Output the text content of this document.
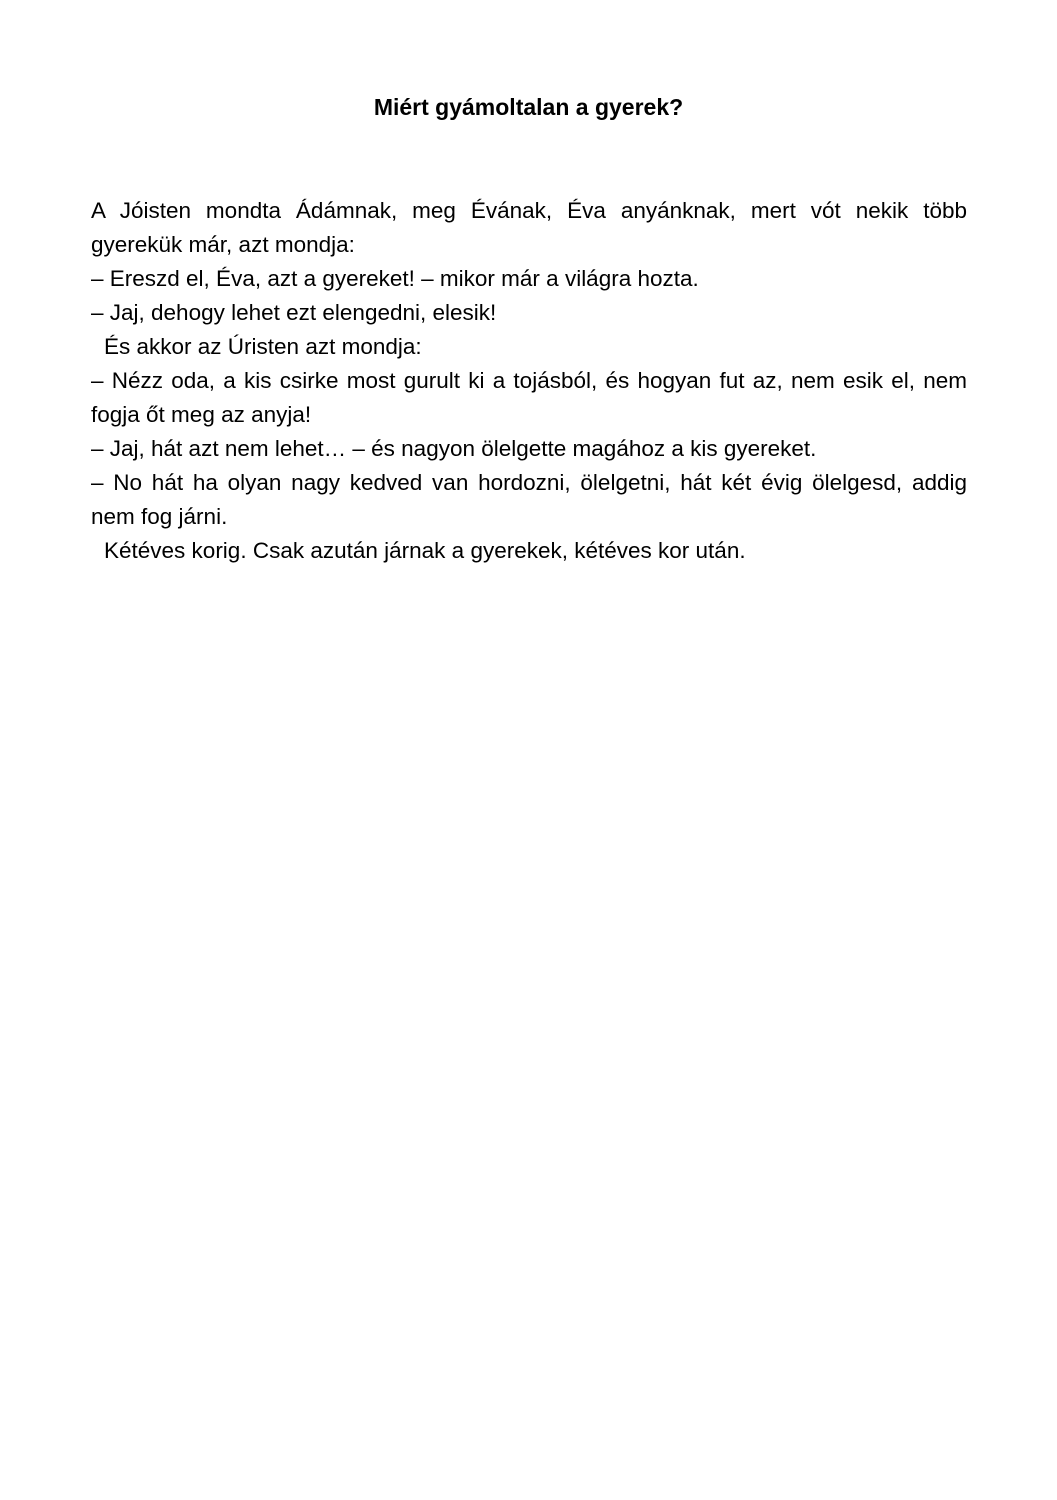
Miért gyámoltalan a gyerek?

A Jóisten mondta Ádámnak, meg Évának, Éva anyánknak, mert vót nekik több gyerekük már, azt mondja:

– Ereszd el, Éva, azt a gyereket! – mikor már a világra hozta.

– Jaj, dehogy lehet ezt elengedni, elesik!

És akkor az Úristen azt mondja:

– Nézz oda, a kis csirke most gurult ki a tojásból, és hogyan fut az, nem esik el, nem fogja őt meg az anyja!

– Jaj, hát azt nem lehet… – és nagyon ölelgette magához a kis gyereket.

– No hát ha olyan nagy kedved van hordozni, ölelgetni, hát két évig ölelgesd, addig nem fog járni.

Kétéves korig. Csak azután járnak a gyerekek, kétéves kor után.
